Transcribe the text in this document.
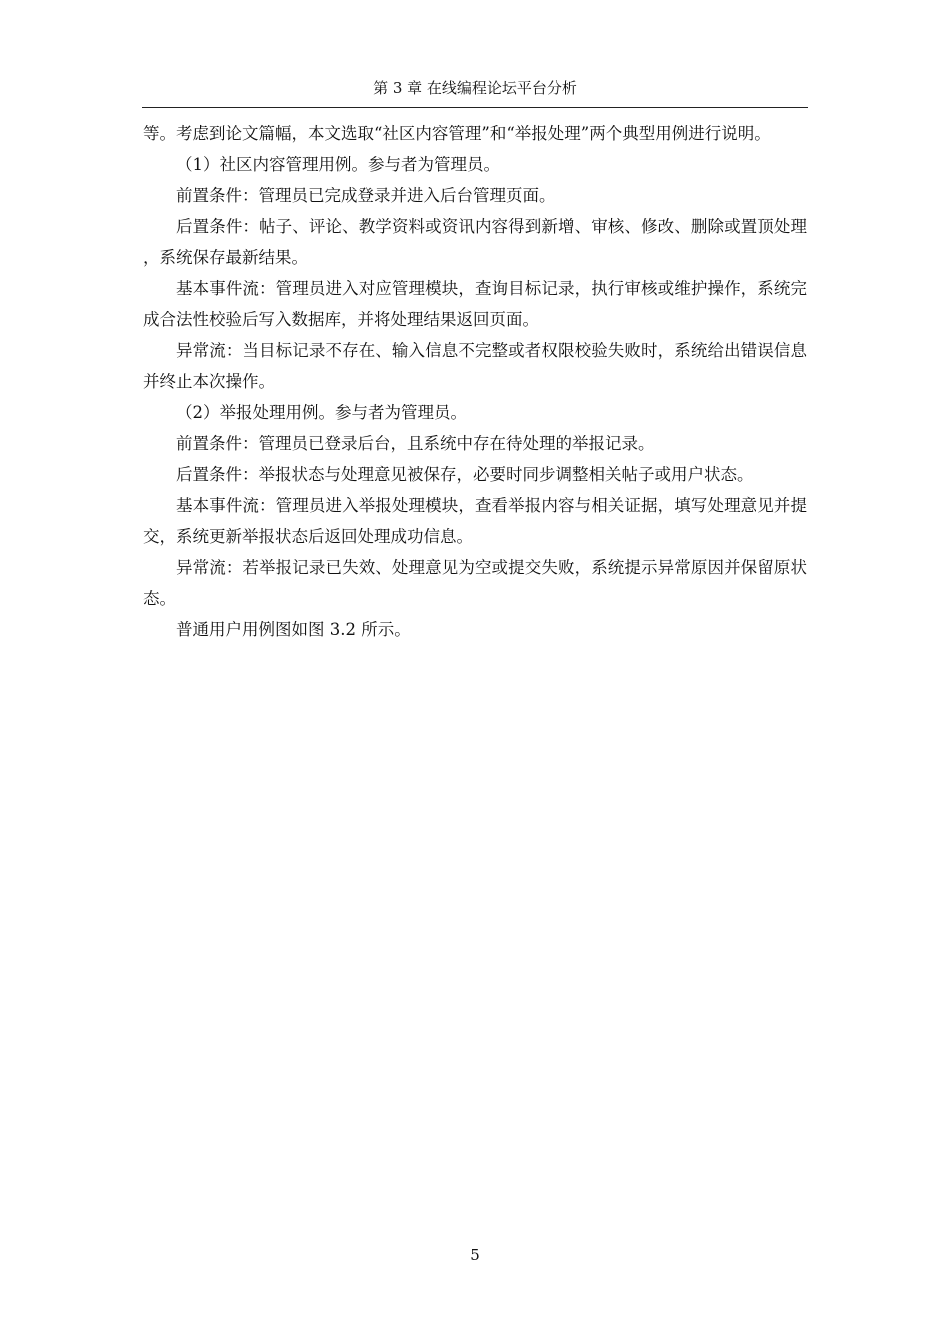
第 3 章 在线编程论坛平台分析

等。考虑到论文篇幅，本文选取“社区内容管理”和“举报处理”两个典型用例进行说明。

（1）社区内容管理用例。参与者为管理员。

前置条件：管理员已完成登录并进入后台管理页面。

后置条件：帖子、评论、教学资料或资讯内容得到新增、审核、修改、删除或置顶处理，系统保存最新结果。

基本事件流：管理员进入对应管理模块，查询目标记录，执行审核或维护操作，系统完成合法性校验后写入数据库，并将处理结果返回页面。

异常流：当目标记录不存在、输入信息不完整或者权限校验失败时，系统给出错误信息并终止本次操作。

（2）举报处理用例。参与者为管理员。

前置条件：管理员已登录后台，且系统中存在待处理的举报记录。

后置条件：举报状态与处理意见被保存，必要时同步调整相关帖子或用户状态。

基本事件流：管理员进入举报处理模块，查看举报内容与相关证据，填写处理意见并提交，系统更新举报状态后返回处理成功信息。

异常流：若举报记录已失效、处理意见为空或提交失败，系统提示异常原因并保留原状态。

普通用户用例图如图 3.2 所示。

5
